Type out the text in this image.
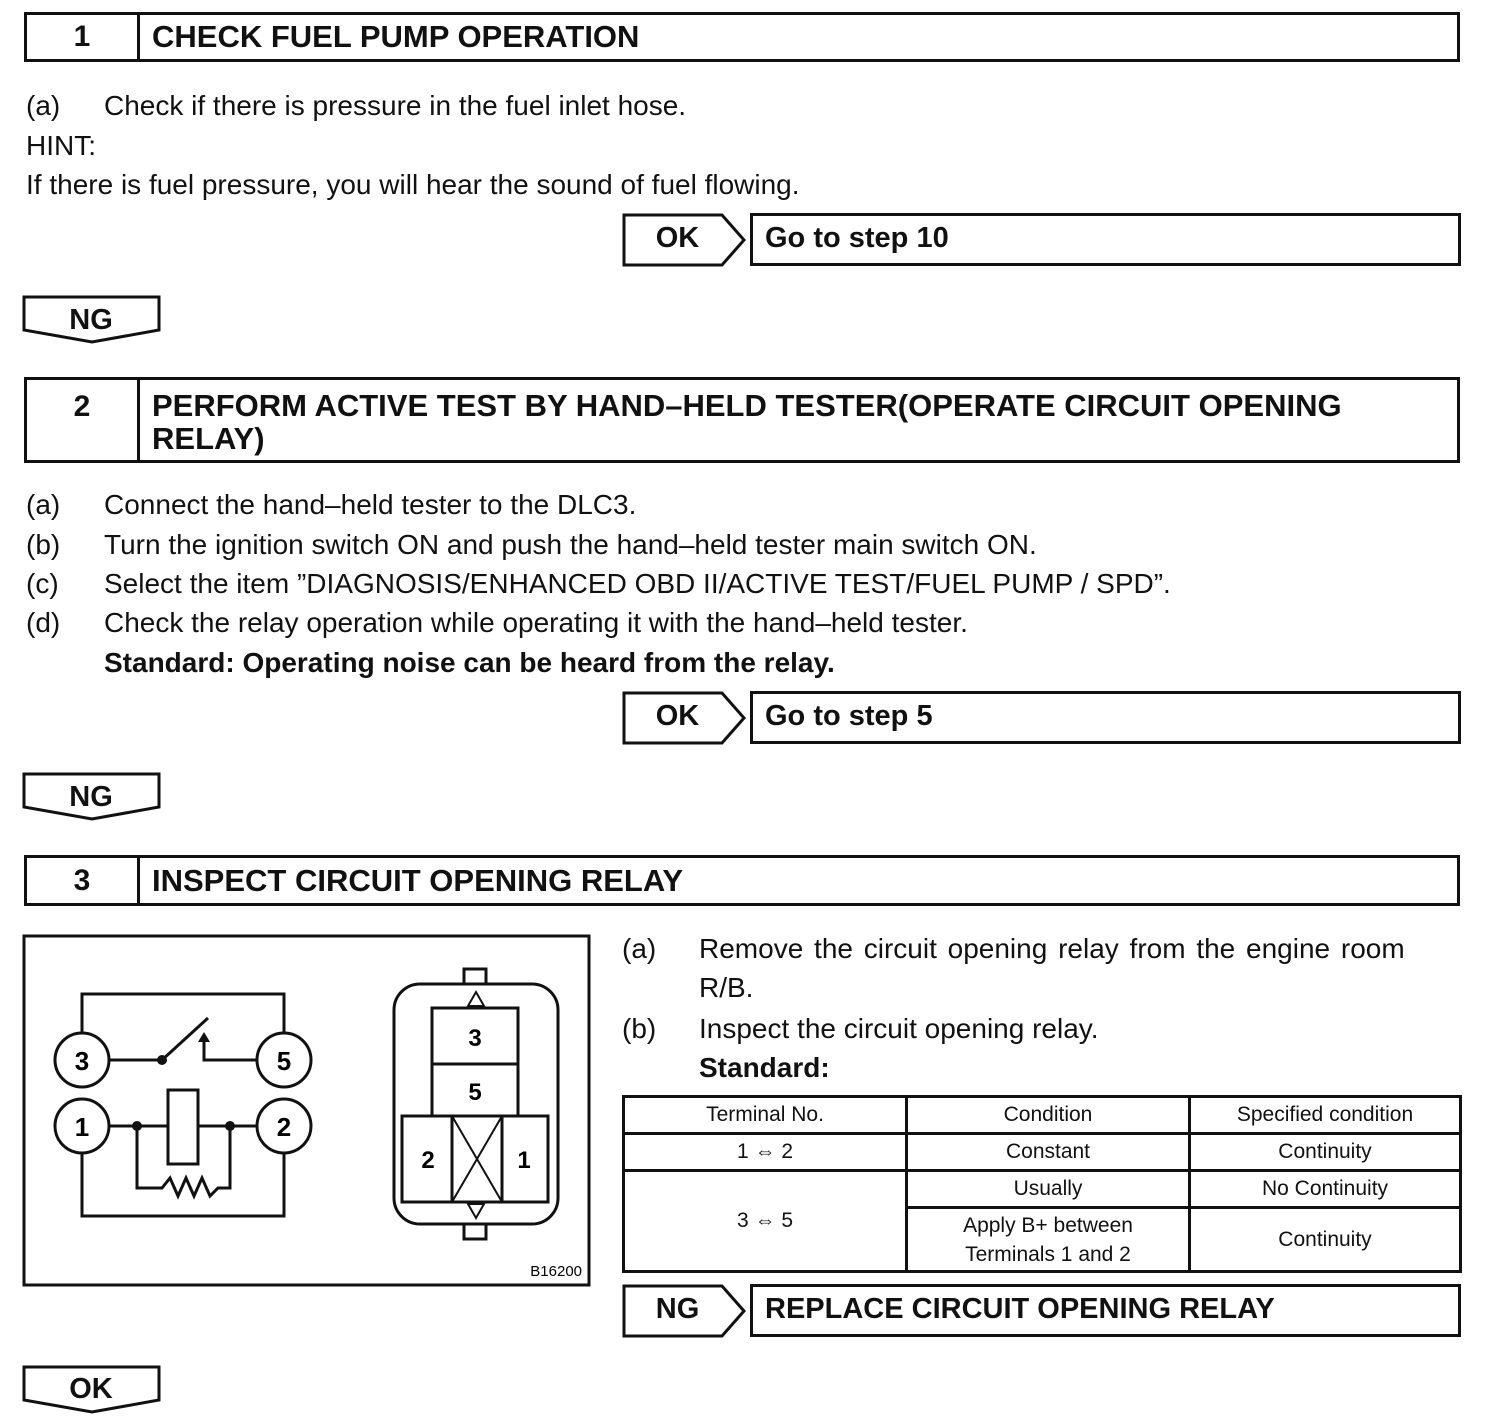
1	CHECK FUEL PUMP OPERATION
(a) Check if there is pressure in the fuel inlet hose.
HINT:
If there is fuel pressure, you will hear the sound of fuel flowing.
OK	Go to step 10
NG
2	PERFORM ACTIVE TEST BY HAND–HELD TESTER(OPERATE CIRCUIT OPENING
RELAY)
(a) Connect the hand–held tester to the DLC3.
(b) Turn the ignition switch ON and push the hand–held tester main switch ON.
(c) Select the item ”DIAGNOSIS/ENHANCED OBD II/ACTIVE TEST/FUEL PUMP / SPD”.
(d) Check the relay operation while operating it with the hand–held tester.
Standard: Operating noise can be heard from the relay.
OK	Go to step 5
NG
3	INSPECT CIRCUIT OPENING RELAY
3	5
1	2
3
5
2	1
B16200
(a) Remove the circuit opening relay from the engine room
R/B.
(b) Inspect the circuit opening relay.
Standard:
Terminal No.	Condition	Specified condition
1 ⇔ 2	Constant	Continuity
3 ⇔ 5	Usually	No Continuity

	Apply B+ between
Terminals 1 and 2	Continuity
NG	REPLACE CIRCUIT OPENING RELAY
OK
